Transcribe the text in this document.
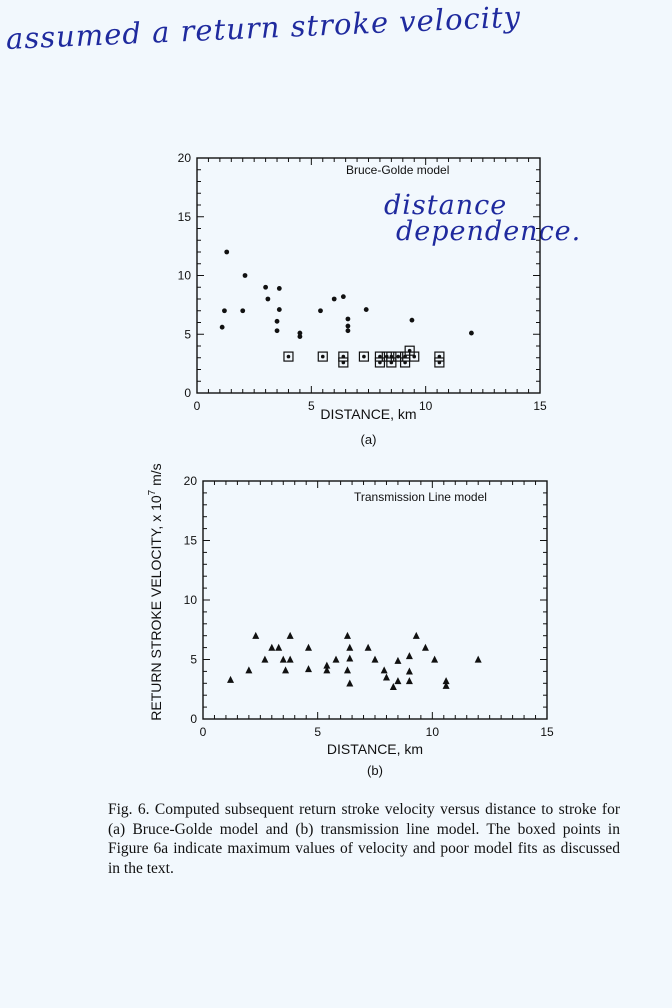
assumed a return stroke velocity
distance
dependence.
0	5	10	15
0
5
10
15
20
Bruce-Golde model
DISTANCE, km
(a)
0	5	10	15
0
5
10
15
20
Transmission Line model
DISTANCE, km
(b)
RETURN STROKE VELOCITY, x $10^7$ m/s
Fig. 6. Computed subsequent return stroke velocity versus distance to stroke for (a) Bruce-Golde model and (b) transmission line model. The boxed points in Figure 6a indicate maximum values of velocity and poor model fits as discussed in the text.
